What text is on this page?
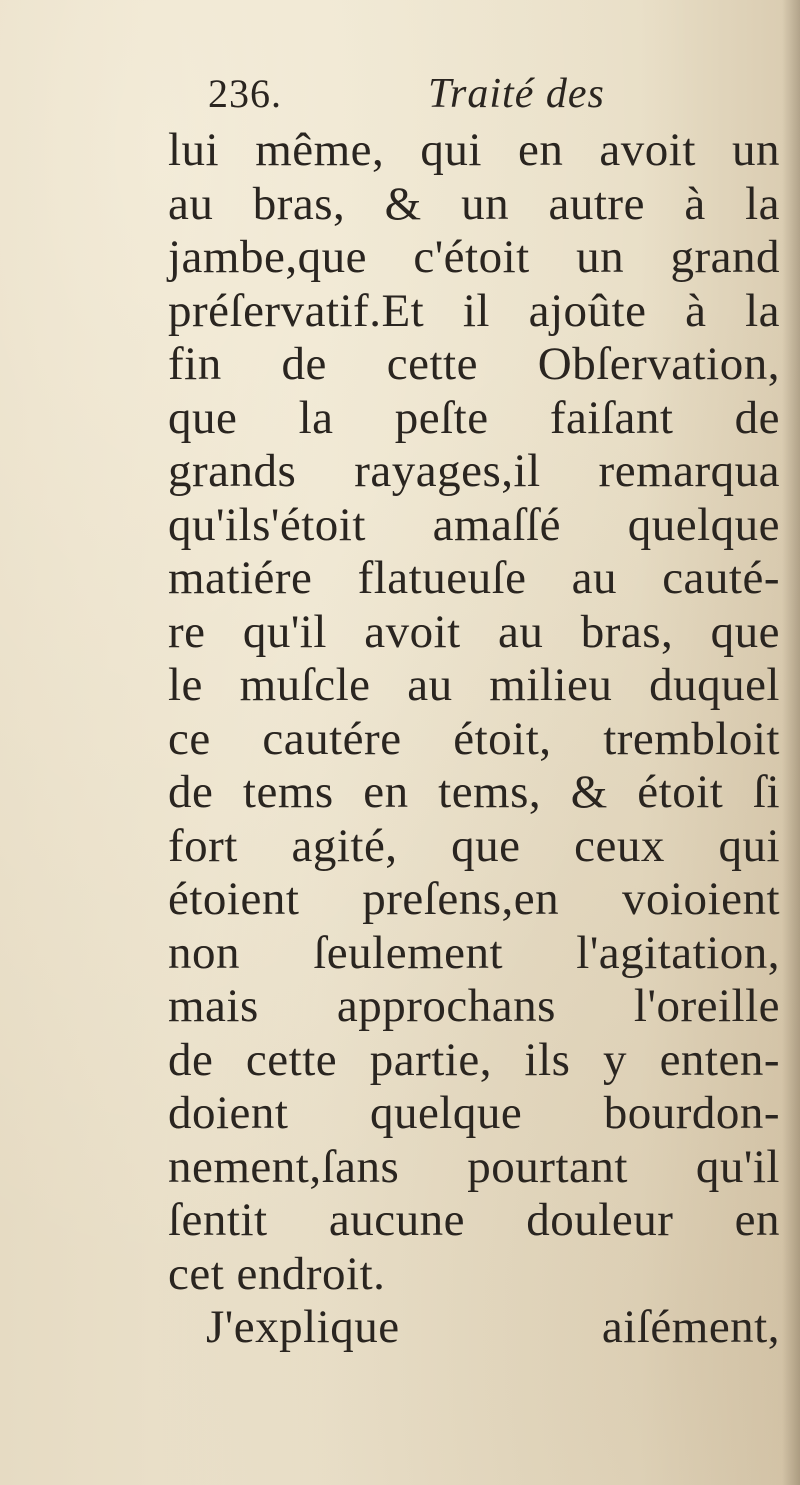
236.	Traité des
lui même, qui en avoit un
au bras, & un autre à la
jambe,que c'étoit un grand
préſervatif.Et il ajoûte à la
fin de cette Obſervation,
que la peſte faiſant de
grands rayages,il remarqua
qu'ils'étoit amaſſé quelque
matiére flatueuſe au cauté-
re qu'il avoit au bras, que
le muſcle au milieu duquel
ce cautére étoit, trembloit
de tems en tems, & étoit ſi
fort agité, que ceux qui
étoient preſens,en voioient
non ſeulement l'agitation,
mais approchans l'oreille
de cette partie, ils y enten-
doient quelque bourdon-
nement,ſans pourtant qu'il
ſentit aucune douleur en
cet endroit.
J'explique aiſément,
